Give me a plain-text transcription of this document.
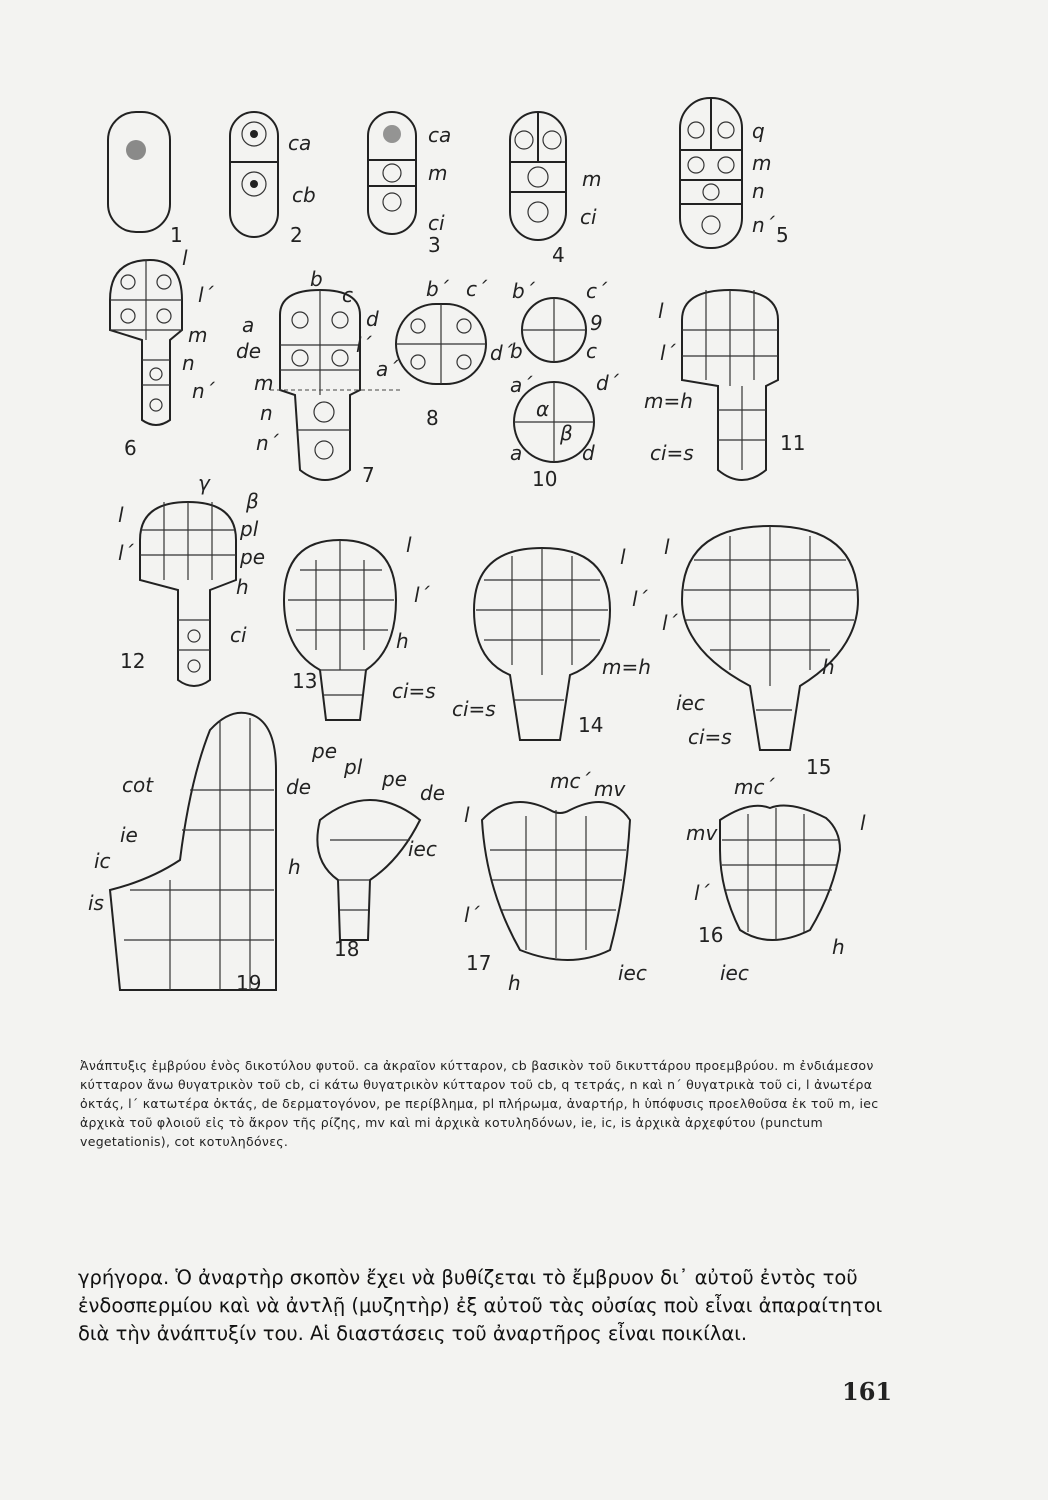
1
ca
cb
2
ca
m
ci
3
m
ci
4
q
m
n
n΄ 5
l
l΄
m
n
n΄
6
b
c
d
a
de
m
n
n΄
7
b΄ c΄
d΄
a΄
l΄
8
b΄	c΄
9
c
b
a΄	d΄
α
β
a	d
10
l
l΄
m=h
ci=s	11
γ
l
β
pl
l΄	pe
h
ci
12
l
l΄
h
ci=s
13
l
l΄
m=h
ci=s
14
l
l΄
h
iec
ci=s
15
cot
ie
ic
is
19
pe
pl
de	pe
de
iec
h
18
mc΄ mv
l
l΄
17
h	iec
mc΄
mv	l
l΄
16	h
iec

Ἀνάπτυξις ἐμβρύου ἑνὸς δικοτύλου φυτοῦ. ca ἀκραῖον κύτταρον, cb βασικὸν τοῦ δικυττάρου προεμβρύου. m ἐνδιάμεσον κύτταρον ἄνω θυγατρικὸν τοῦ cb, ci κάτω θυγατρικὸν κύτταρον τοῦ cb, q τετράς, n καὶ n΄ θυγατρικὰ τοῦ ci, l ἀνωτέρα ὀκτάς, l΄ κατωτέρα ὀκτάς, de δερματογόνον, pe περίβλημα, pl πλήρωμα, ἀναρτήρ, h ὑπόφυσις προελθοῦσα ἐκ τοῦ m, iec ἀρχικὰ τοῦ φλοιοῦ εἰς τὸ ἄκρον τῆς ρίζης, mv καὶ mi ἀρχικὰ κοτυληδόνων, ie, ic, is ἀρχικὰ ἀρχεφύτου (punctum vegetationis), cot κοτυληδόνες.

γρήγορα. Ὁ ἀναρτὴρ σκοπὸν ἔχει νὰ βυθίζεται τὸ ἔμβρυον δι᾽ αὐτοῦ ἐντὸς τοῦ ἐνδοσπερμίου καὶ νὰ ἀντλῇ (μυζητὴρ) ἐξ αὐτοῦ τὰς οὐσίας ποὺ εἶναι ἀπαραίτητοι διὰ τὴν ἀνάπτυξίν του. Αἱ διαστάσεις τοῦ ἀναρτῆρος εἶναι ποικίλαι.

161
